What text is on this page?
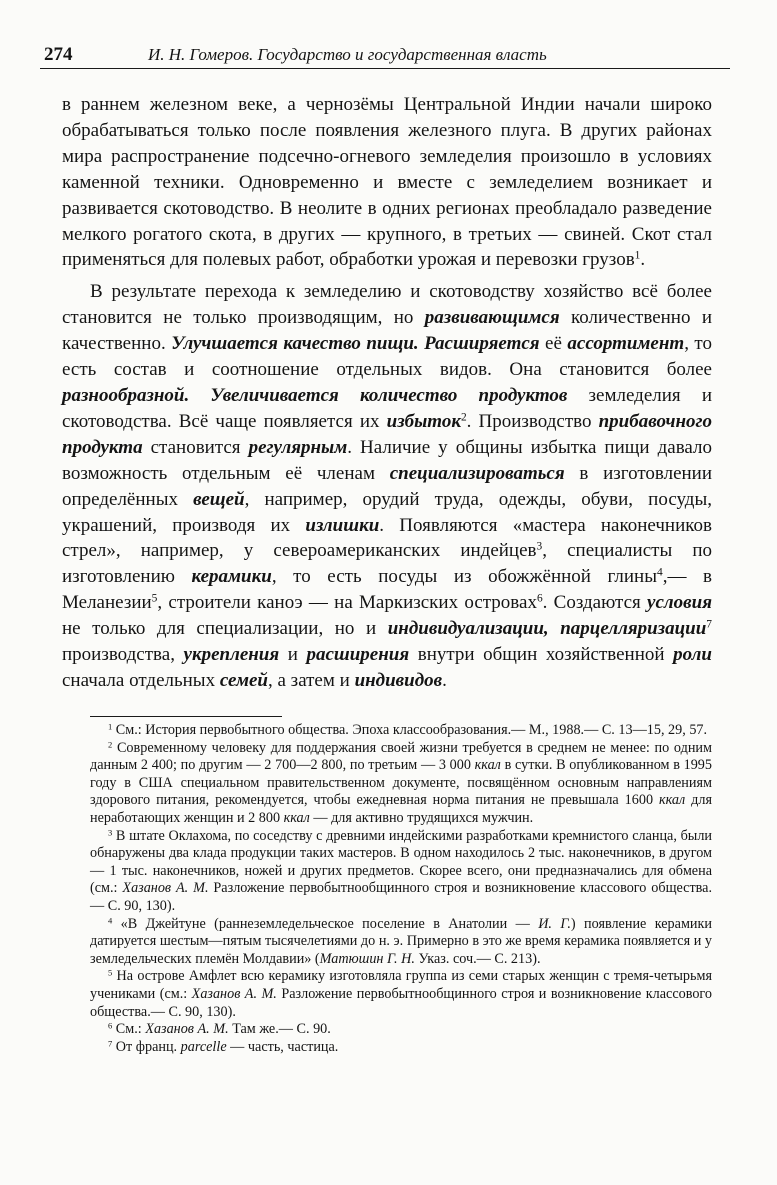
274	И. Н. Гомеров. Государство и государственная власть

в раннем железном веке, а чернозёмы Центральной Индии начали широко обрабатываться только после появления железного плуга. В других районах мира распространение подсечно-огневого земледелия произошло в условиях каменной техники. Одновременно и вместе с земледелием возникает и развивается скотоводство. В неолите в одних регионах преобладало разведение мелкого рогатого скота, в других — крупного, в третьих — свиней. Скот стал применяться для полевых работ, обработки урожая и перевозки грузов$^1$.

В результате перехода к земледелию и скотоводству хозяйство всё более становится не только производящим, но развивающимся количественно и качественно. Улучшается качество пищи. Расширяется её ассортимент, то есть состав и соотношение отдельных видов. Она становится более разнообразной. Увеличивается количество продуктов земледелия и скотоводства. Всё чаще появляется их избыток$^2$. Производство прибавочного продукта становится регулярным. Наличие у общины избытка пищи давало возможность отдельным её членам специализироваться в изготовлении определённых вещей, например, орудий труда, одежды, обуви, посуды, украшений, производя их излишки. Появляются «мастера наконечников стрел», например, у североамериканских индейцев$^3$, специалисты по изготовлению керамики, то есть посуды из обожжённой глины$^4$,— в Меланезии$^5$, строители каноэ — на Маркизских островах$^6$. Создаются условия не только для специализации, но и индивидуализации, парцелляризации$^7$ производства, укрепления и расширения внутри общин хозяйственной роли сначала отдельных семей, а затем и индивидов.

$^1$ См.: История первобытного общества. Эпоха классообразования.— М., 1988.— С. 13—15, 29, 57.

$^2$ Современному человеку для поддержания своей жизни требуется в среднем не менее: по одним данным 2 400; по другим — 2 700—2 800, по третьим — 3 000 ккал в сутки. В опубликованном в 1995 году в США специальном правительственном документе, посвящённом основным направлениям здорового питания, рекомендуется, чтобы ежедневная норма питания не превышала 1600 ккал для неработающих женщин и 2 800 ккал — для активно трудящихся мужчин.

$^3$ В штате Оклахома, по соседству с древними индейскими разработками кремнистого сланца, были обнаружены два клада продукции таких мастеров. В одном находилось 2 тыс. наконечников, в другом — 1 тыс. наконечников, ножей и других предметов. Скорее всего, они предназначались для обмена (см.: Хазанов А. М. Разложение первобытнообщинного строя и возникновение классового общества.— С. 90, 130).

$^4$ «В Джейтуне (раннеземледельческое поселение в Анатолии — И. Г.) появление керамики датируется шестым—пятым тысячелетиями до н. э. Примерно в это же время керамика появляется и у земледельческих племён Молдавии» (Матюшин Г. Н. Указ. соч.— С. 213).

$^5$ На острове Амфлет всю керамику изготовляла группа из семи старых женщин с тремя-четырьмя учениками (см.: Хазанов А. М. Разложение первобытнообщинного строя и возникновение классового общества.— С. 90, 130).

$^6$ См.: Хазанов А. М. Там же.— С. 90.

$^7$ От франц. parcelle — часть, частица.
